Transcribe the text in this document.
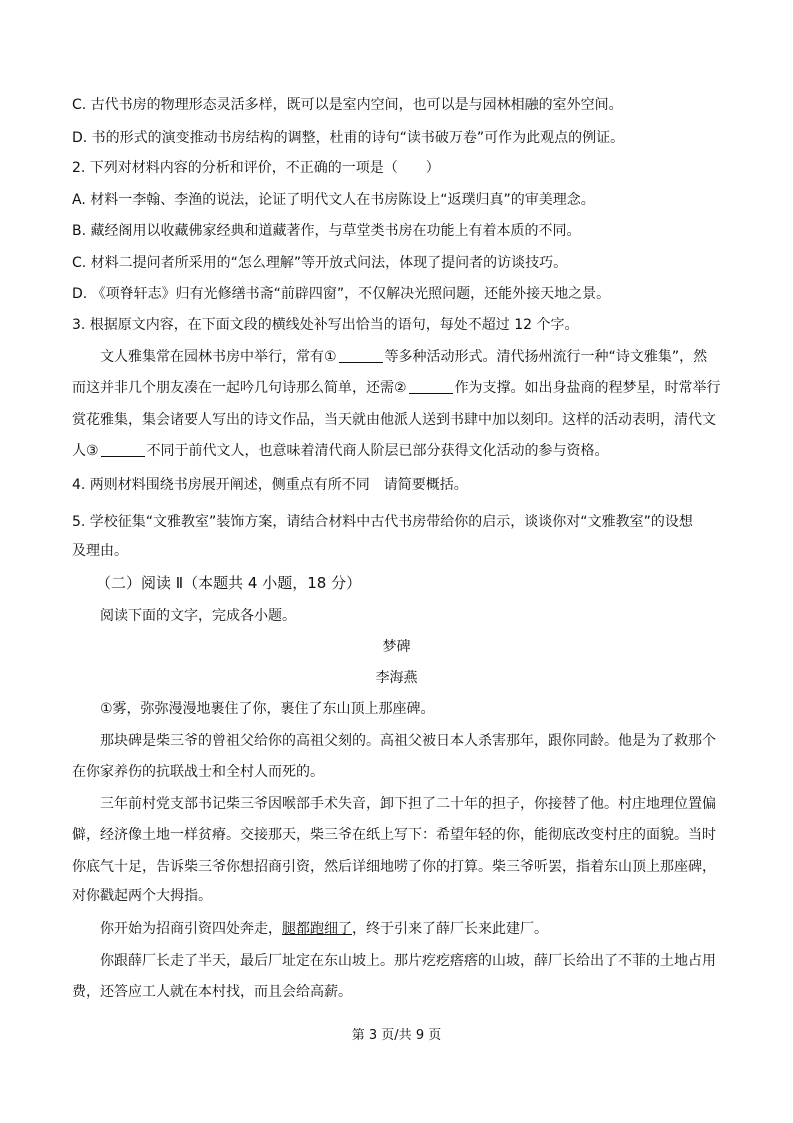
C. 古代书房的物理形态灵活多样，既可以是室内空间，也可以是与园林相融的室外空间。
D. 书的形式的演变推动书房结构的调整，杜甫的诗句“读书破万卷”可作为此观点的例证。
2. 下列对材料内容的分析和评价，不正确的一项是（　　）
A. 材料一李翰、李渔的说法，论证了明代文人在书房陈设上“返璞归真”的审美理念。
B. 藏经阁用以收藏佛家经典和道藏著作，与草堂类书房在功能上有着本质的不同。
C. 材料二提问者所采用的“怎么理解”等开放式问法，体现了提问者的访谈技巧。
D. 《项脊轩志》归有光修缮书斋“前辟四窗”，不仅解决光照问题，还能外接天地之景。
3. 根据原文内容，在下面文段的横线处补写出恰当的语句，每处不超过 12 个字。
文人雅集常在园林书房中举行，常有①	等多种活动形式。清代扬州流行一种“诗文雅集”，然
而这并非几个朋友凑在一起吟几句诗那么简单，还需②	作为支撑。如出身盐商的程梦星，时常举行
赏花雅集，集会诸要人写出的诗文作品，当天就由他派人送到书肆中加以刻印。这样的活动表明，清代文
人③	不同于前代文人，也意味着清代商人阶层已部分获得文化活动的参与资格。
4. 两则材料围绕书房展开阐述，侧重点有所不同　请简要概括。
5. 学校征集“文雅教室”装饰方案，请结合材料中古代书房带给你的启示，谈谈你对“文雅教室”的设想
及理由。
（二）阅读 Ⅱ（本题共 4 小题，18 分）
阅读下面的文字，完成各小题。
梦碑
李海燕
①雾，弥弥漫漫地裹住了你，裹住了东山顶上那座碑。
那块碑是柴三爷的曾祖父给你的高祖父刻的。高祖父被日本人杀害那年，跟你同龄。他是为了救那个
在你家养伤的抗联战士和全村人而死的。
三年前村党支部书记柴三爷因喉部手术失音，卸下担了二十年的担子，你接替了他。村庄地理位置偏
僻，经济像土地一样贫瘠。交接那天，柴三爷在纸上写下：希望年轻的你，能彻底改变村庄的面貌。当时
你底气十足，告诉柴三爷你想招商引资，然后详细地唠了你的打算。柴三爷听罢，指着东山顶上那座碑，
对你戳起两个大拇指。
你开始为招商引资四处奔走，腿都跑细了，终于引来了薛厂长来此建厂。
你跟薛厂长走了半天，最后厂址定在东山坡上。那片疙疙瘩瘩的山坡，薛厂长给出了不菲的土地占用
费，还答应工人就在本村找，而且会给高薪。
第 3 页/共 9 页
